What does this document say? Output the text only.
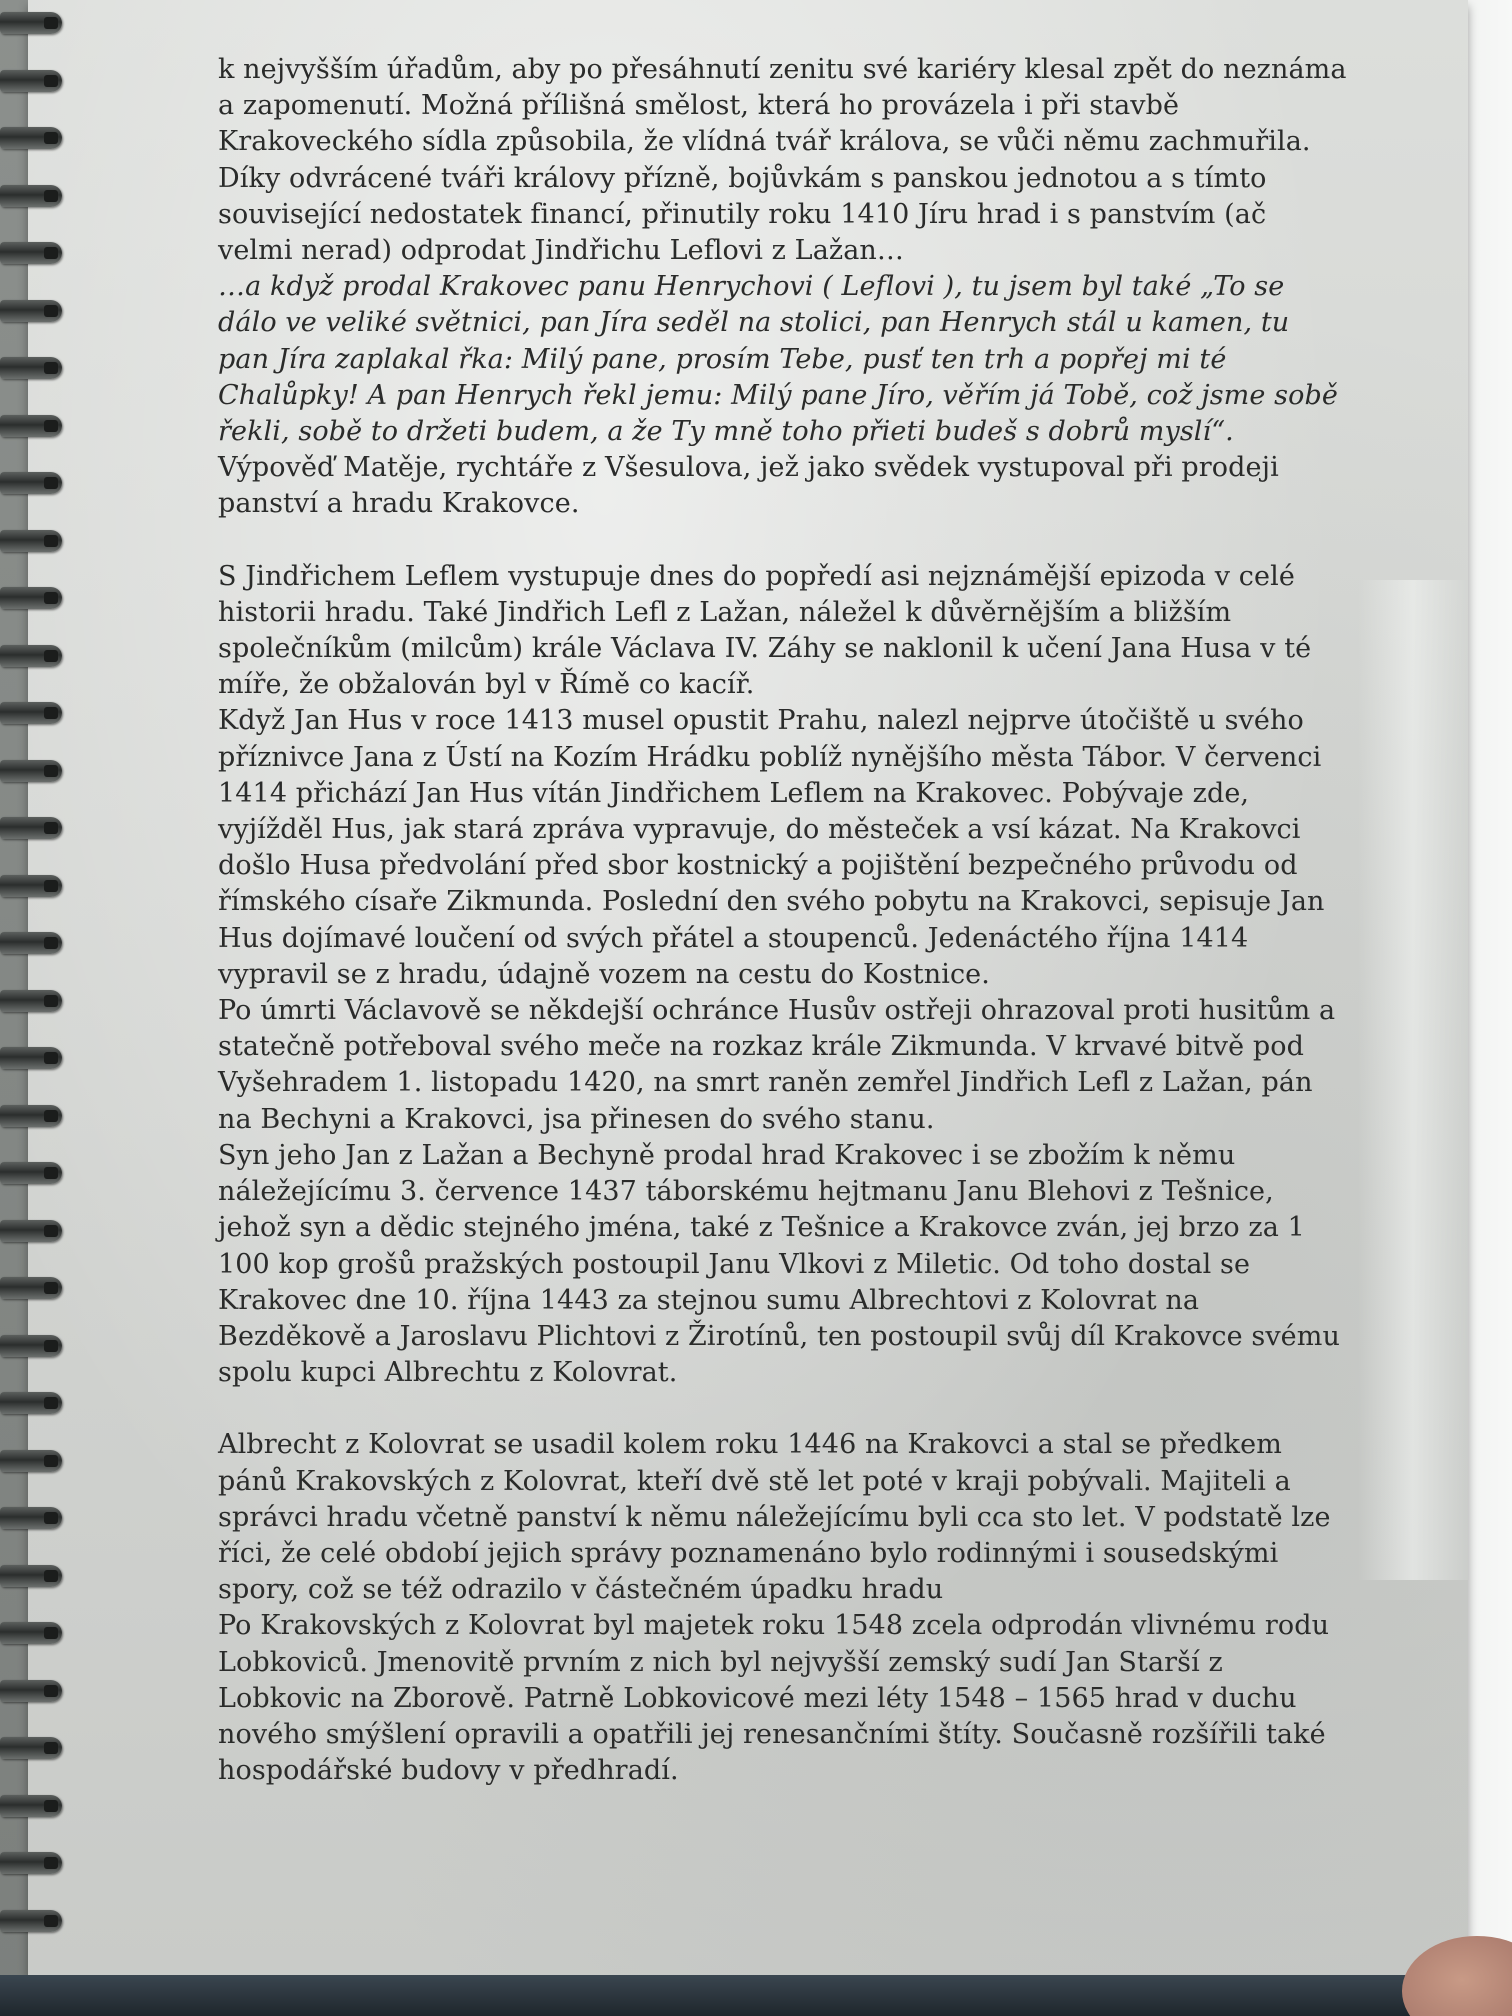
k nejvyšším úřadům, aby po přesáhnutí zenitu své kariéry klesal zpět do neznáma a zapomenutí. Možná přílišná smělost, která ho provázela i při stavbě Krakoveckého sídla způsobila, že vlídná tvář králova, se vůči němu zachmuřila. Díky odvrácené tváři královy přízně, bojůvkám s panskou jednotou a s tímto související nedostatek financí, přinutily roku 1410 Jíru hrad i s panstvím (ač velmi nerad) odprodat Jindřichu Leflovi z Lažan…

…a když prodal Krakovec panu Henrychovi ( Leflovi ), tu jsem byl také „To se dálo ve veliké světnici, pan Jíra seděl na stolici, pan Henrych stál u kamen, tu pan Jíra zaplakal řka: Milý pane, prosím Tebe, pusť ten trh a popřej mi té Chalůpky! A pan Henrych řekl jemu: Milý pane Jíro, věřím já Tobě, což jsme sobě řekli, sobě to držeti budem, a že Ty mně toho přieti budeš s dobrů myslí“.

Výpověď Matěje, rychtáře z Všesulova, jež jako svědek vystupoval při prodeji panství a hradu Krakovce.

S Jindřichem Leflem vystupuje dnes do popředí asi nejznámější epizoda v celé historii hradu. Také Jindřich Lefl z Lažan, náležel k důvěrnějším a bližším společníkům (milcům) krále Václava IV. Záhy se naklonil k učení Jana Husa v té míře, že obžalován byl v Římě co kacíř.

Když Jan Hus v roce 1413 musel opustit Prahu, nalezl nejprve útočiště u svého příznivce Jana z Ústí na Kozím Hrádku poblíž nynějšího města Tábor. V červenci 1414 přichází Jan Hus vítán Jindřichem Leflem na Krakovec. Pobývaje zde, vyjížděl Hus, jak stará zpráva vypravuje, do městeček a vsí kázat. Na Krakovci došlo Husa předvolání před sbor kostnický a pojištění bezpečného průvodu od římského císaře Zikmunda. Poslední den svého pobytu na Krakovci, sepisuje Jan Hus dojímavé loučení od svých přátel a stoupenců. Jedenáctého října 1414 vypravil se z hradu, údajně vozem na cestu do Kostnice.

Po úmrti Václavově se někdejší ochránce Husův ostřeji ohrazoval proti husitům a statečně potřeboval svého meče na rozkaz krále Zikmunda. V krvavé bitvě pod Vyšehradem 1. listopadu 1420, na smrt raněn zemřel Jindřich Lefl z Lažan, pán na Bechyni a Krakovci, jsa přinesen do svého stanu.

Syn jeho Jan z Lažan a Bechyně prodal hrad Krakovec i se zbožím k němu náležejícímu 3. července 1437 táborskému hejtmanu Janu Blehovi z Tešnice, jehož syn a dědic stejného jména, také z Tešnice a Krakovce zván, jej brzo za 1 100 kop grošů pražských postoupil Janu Vlkovi z Miletic. Od toho dostal se Krakovec dne 10. října 1443 za stejnou sumu Albrechtovi z Kolovrat na Bezděkově a Jaroslavu Plichtovi z Žirotínů, ten postoupil svůj díl Krakovce svému spolu kupci Albrechtu z Kolovrat.

Albrecht z Kolovrat se usadil kolem roku 1446 na Krakovci a stal se předkem pánů Krakovských z Kolovrat, kteří dvě stě let poté v kraji pobývali. Majiteli a správci hradu včetně panství k němu náležejícímu byli cca sto let. V podstatě lze říci, že celé období jejich správy poznamenáno bylo rodinnými i sousedskými spory, což se též odrazilo v částečném úpadku hradu

Po Krakovských z Kolovrat byl majetek roku 1548 zcela odprodán vlivnému rodu Lobkoviců. Jmenovitě prvním z nich byl nejvyšší zemský sudí Jan Starší z Lobkovic na Zborově. Patrně Lobkovicové mezi léty 1548 – 1565 hrad v duchu nového smýšlení opravili a opatřili jej renesančními štíty. Současně rozšířili také hospodářské budovy v předhradí.
